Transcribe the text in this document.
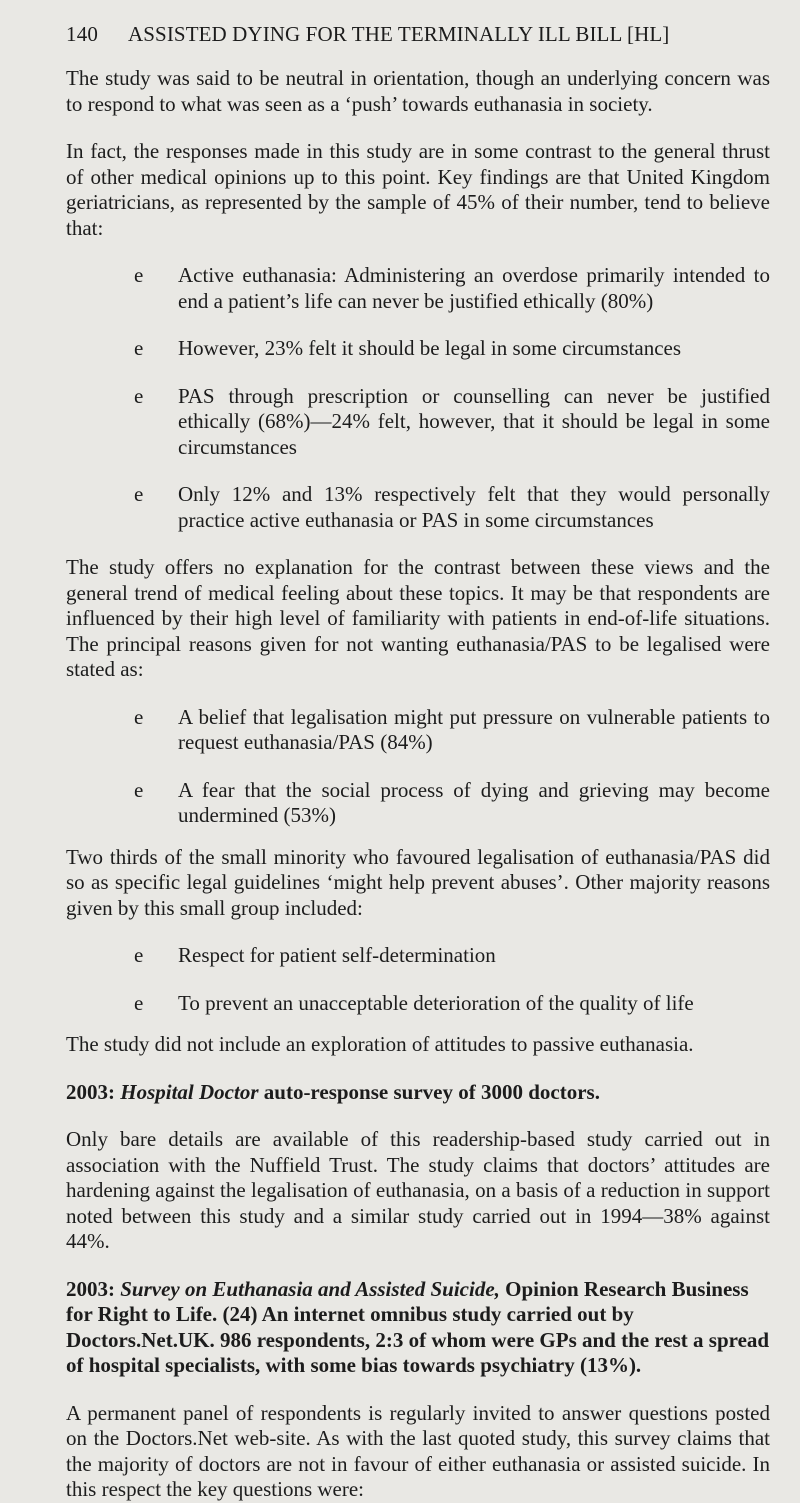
140	ASSISTED DYING FOR THE TERMINALLY ILL BILL [HL]

The study was said to be neutral in orientation, though an underlying concern was to respond to what was seen as a ‘push’ towards euthanasia in society.

In fact, the responses made in this study are in some contrast to the general thrust of other medical opinions up to this point. Key findings are that United Kingdom geriatricians, as represented by the sample of 45% of their number, tend to believe that:

e	Active euthanasia: Administering an overdose primarily intended to end a patient’s life can never be justified ethically (80%)
e	However, 23% felt it should be legal in some circumstances
e	PAS through prescription or counselling can never be justified ethically (68%)—24% felt, however, that it should be legal in some circumstances
e	Only 12% and 13% respectively felt that they would personally practice active euthanasia or PAS in some circumstances

The study offers no explanation for the contrast between these views and the general trend of medical feeling about these topics. It may be that respondents are influenced by their high level of familiarity with patients in end-of-life situations. The principal reasons given for not wanting euthanasia/PAS to be legalised were stated as:

e	A belief that legalisation might put pressure on vulnerable patients to request euthanasia/PAS (84%)
e	A fear that the social process of dying and grieving may become undermined (53%)

Two thirds of the small minority who favoured legalisation of euthanasia/PAS did so as specific legal guidelines ‘might help prevent abuses’. Other majority reasons given by this small group included:

e	Respect for patient self-determination
e	To prevent an unacceptable deterioration of the quality of life

The study did not include an exploration of attitudes to passive euthanasia.

2003: Hospital Doctor auto-response survey of 3000 doctors.

Only bare details are available of this readership-based study carried out in association with the Nuffield Trust. The study claims that doctors’ attitudes are hardening against the legalisation of euthanasia, on a basis of a reduction in support noted between this study and a similar study carried out in 1994—38% against 44%.

2003: Survey on Euthanasia and Assisted Suicide, Opinion Research Business for Right to Life. (24) An internet omnibus study carried out by Doctors.Net.UK. 986 respondents, 2:3 of whom were GPs and the rest a spread of hospital specialists, with some bias towards psychiatry (13%).

A permanent panel of respondents is regularly invited to answer questions posted on the Doctors.Net web-site. As with the last quoted study, this survey claims that the majority of doctors are not in favour of either euthanasia or assisted suicide. In this respect the key questions were:
